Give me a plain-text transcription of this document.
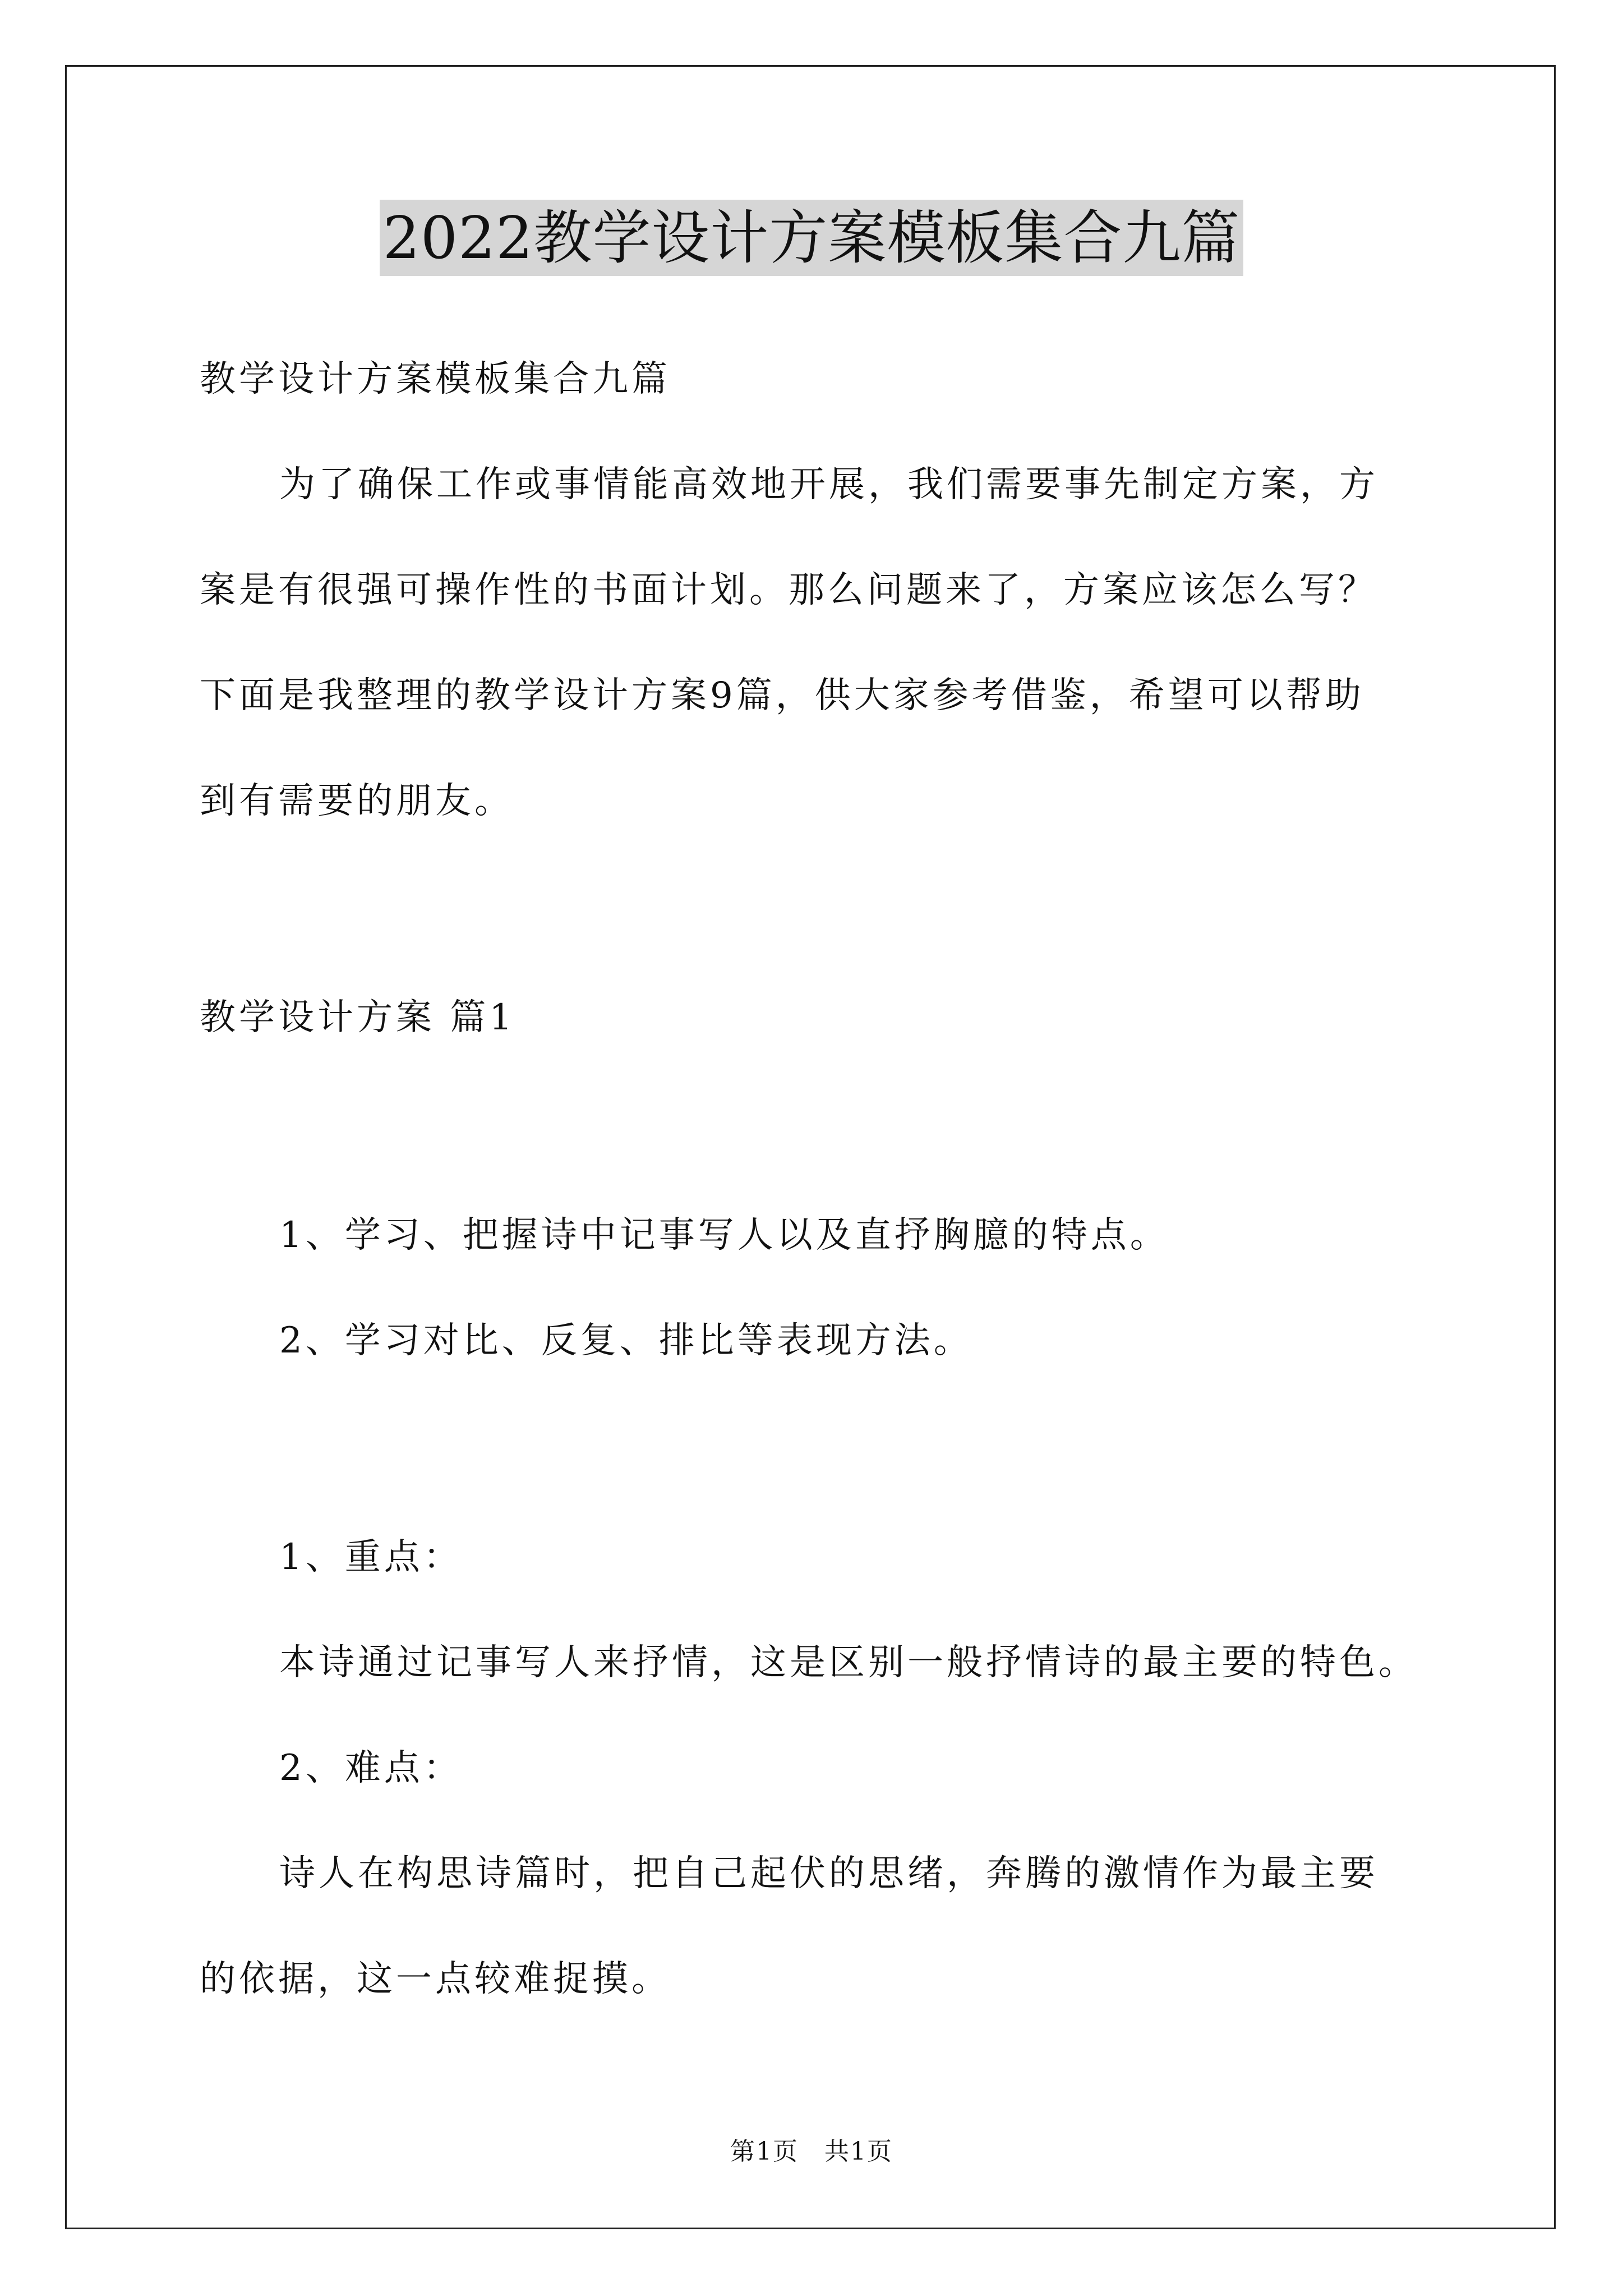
2022教学设计方案模板集合九篇
教学设计方案模板集合九篇
为了确保工作或事情能高效地开展，我们需要事先制定方案，方
案是有很强可操作性的书面计划。那么问题来了，方案应该怎么写？
下面是我整理的教学设计方案9篇，供大家参考借鉴，希望可以帮助
到有需要的朋友。
教学设计方案 篇1
1、学习、把握诗中记事写人以及直抒胸臆的特点。
2、学习对比、反复、排比等表现方法。
1、重点：
本诗通过记事写人来抒情，这是区别一般抒情诗的最主要的特色。
2、难点：
诗人在构思诗篇时，把自己起伏的思绪，奔腾的激情作为最主要
的依据，这一点较难捉摸。
第1页　共1页
